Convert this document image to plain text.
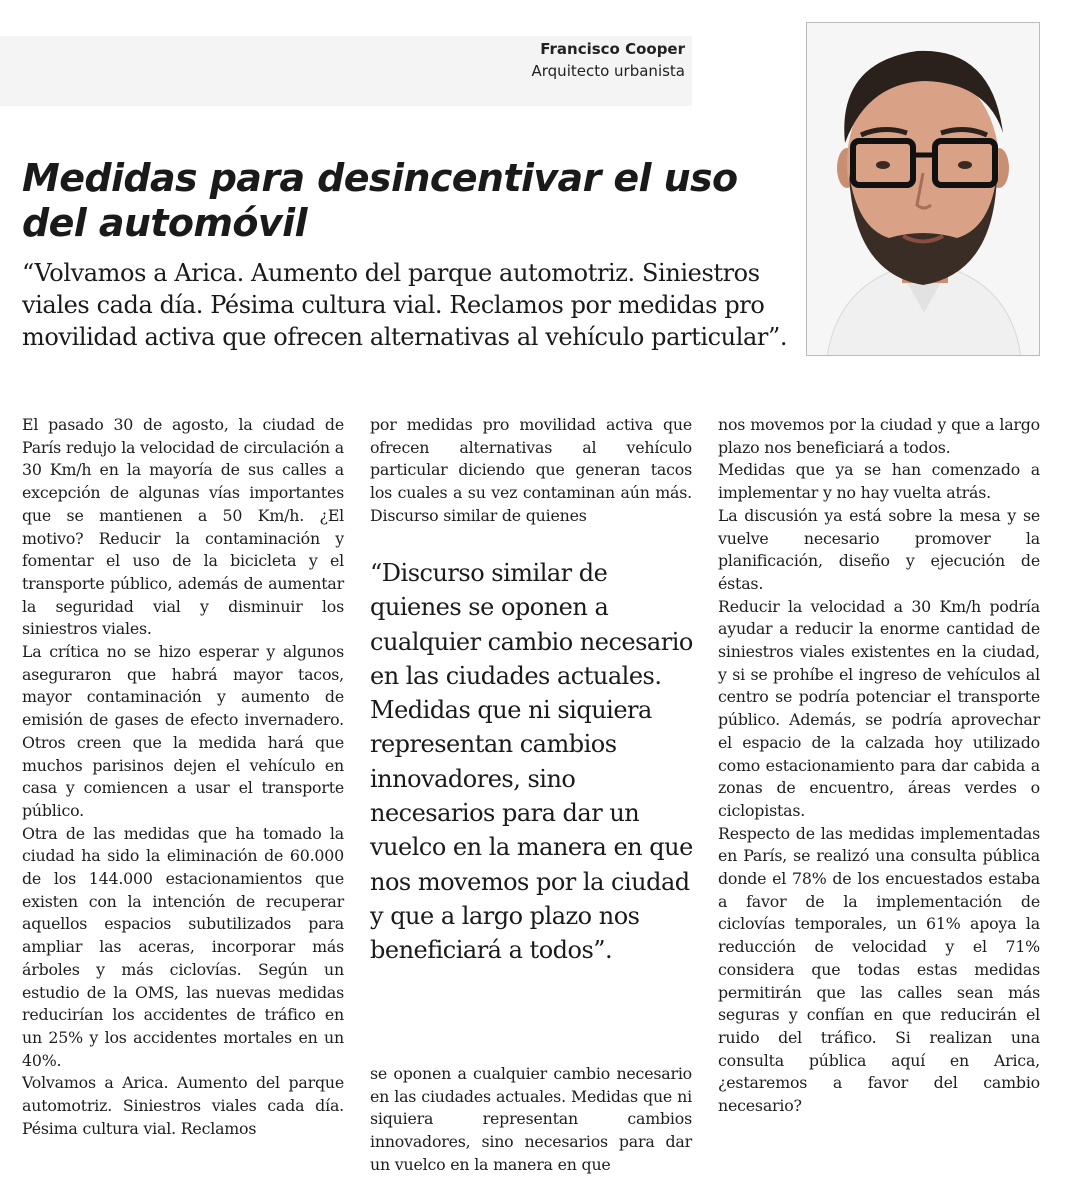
Francisco Cooper
Arquitecto urbanista
Medidas para desincentivar el uso del automóvil

“Volvamos a Arica. Aumento del parque automotriz. Siniestros viales cada día. Pésima cultura vial. Reclamos por medidas pro movilidad activa que ofrecen alternativas al vehículo particular”.

El pasado 30 de agosto, la ciudad de París redujo la velocidad de circulación a 30 Km/h en la mayoría de sus calles a excepción de algunas vías importantes que se mantienen a 50 Km/h. ¿El motivo? Reducir la contaminación y fomentar el uso de la bicicleta y el transporte público, además de aumentar la seguridad vial y disminuir los siniestros viales.

La crítica no se hizo esperar y algunos aseguraron que habrá mayor tacos, mayor contaminación y aumento de emisión de gases de efecto invernadero. Otros creen que la medida hará que muchos parisinos dejen el vehículo en casa y comiencen a usar el transporte público.

Otra de las medidas que ha tomado la ciudad ha sido la eliminación de 60.000 de los 144.000 estacionamientos que existen con la intención de recuperar aquellos espacios subutilizados para ampliar las aceras, incorporar más árboles y más ciclovías. Según un estudio de la OMS, las nuevas medidas reducirían los accidentes de tráfico en un 25% y los accidentes mortales en un 40%.

Volvamos a Arica. Aumento del parque automotriz. Siniestros viales cada día. Pésima cultura vial. Reclamos

por medidas pro movilidad activa que ofrecen alternativas al vehículo particular diciendo que generan tacos los cuales a su vez contaminan aún más. Discurso similar de quienes

“Discurso similar de quienes se oponen a cualquier cambio necesario en las ciudades actuales. Medidas que ni siquiera representan cambios innovadores, sino necesarios para dar un vuelco en la manera en que nos movemos por la ciudad y que a largo plazo nos beneficiará a todos”.

se oponen a cualquier cambio necesario en las ciudades actuales. Medidas que ni siquiera representan cambios innovadores, sino necesarios para dar un vuelco en la manera en que

nos movemos por la ciudad y que a largo plazo nos beneficiará a todos.

Medidas que ya se han comenzado a implementar y no hay vuelta atrás.

La discusión ya está sobre la mesa y se vuelve necesario promover la planificación, diseño y ejecución de éstas.

Reducir la velocidad a 30 Km/h podría ayudar a reducir la enorme cantidad de siniestros viales existentes en la ciudad, y si se prohíbe el ingreso de vehículos al centro se podría potenciar el transporte público. Además, se podría aprovechar el espacio de la calzada hoy utilizado como estacionamiento para dar cabida a zonas de encuentro, áreas verdes o ciclopistas.

Respecto de las medidas implementadas en París, se realizó una consulta pública donde el 78% de los encuestados estaba a favor de la implementación de ciclovías temporales, un 61% apoya la reducción de velocidad y el 71% considera que todas estas medidas permitirán que las calles sean más seguras y confían en que reducirán el ruido del tráfico. Si realizan una consulta pública aquí en Arica, ¿estaremos a favor del cambio necesario?
